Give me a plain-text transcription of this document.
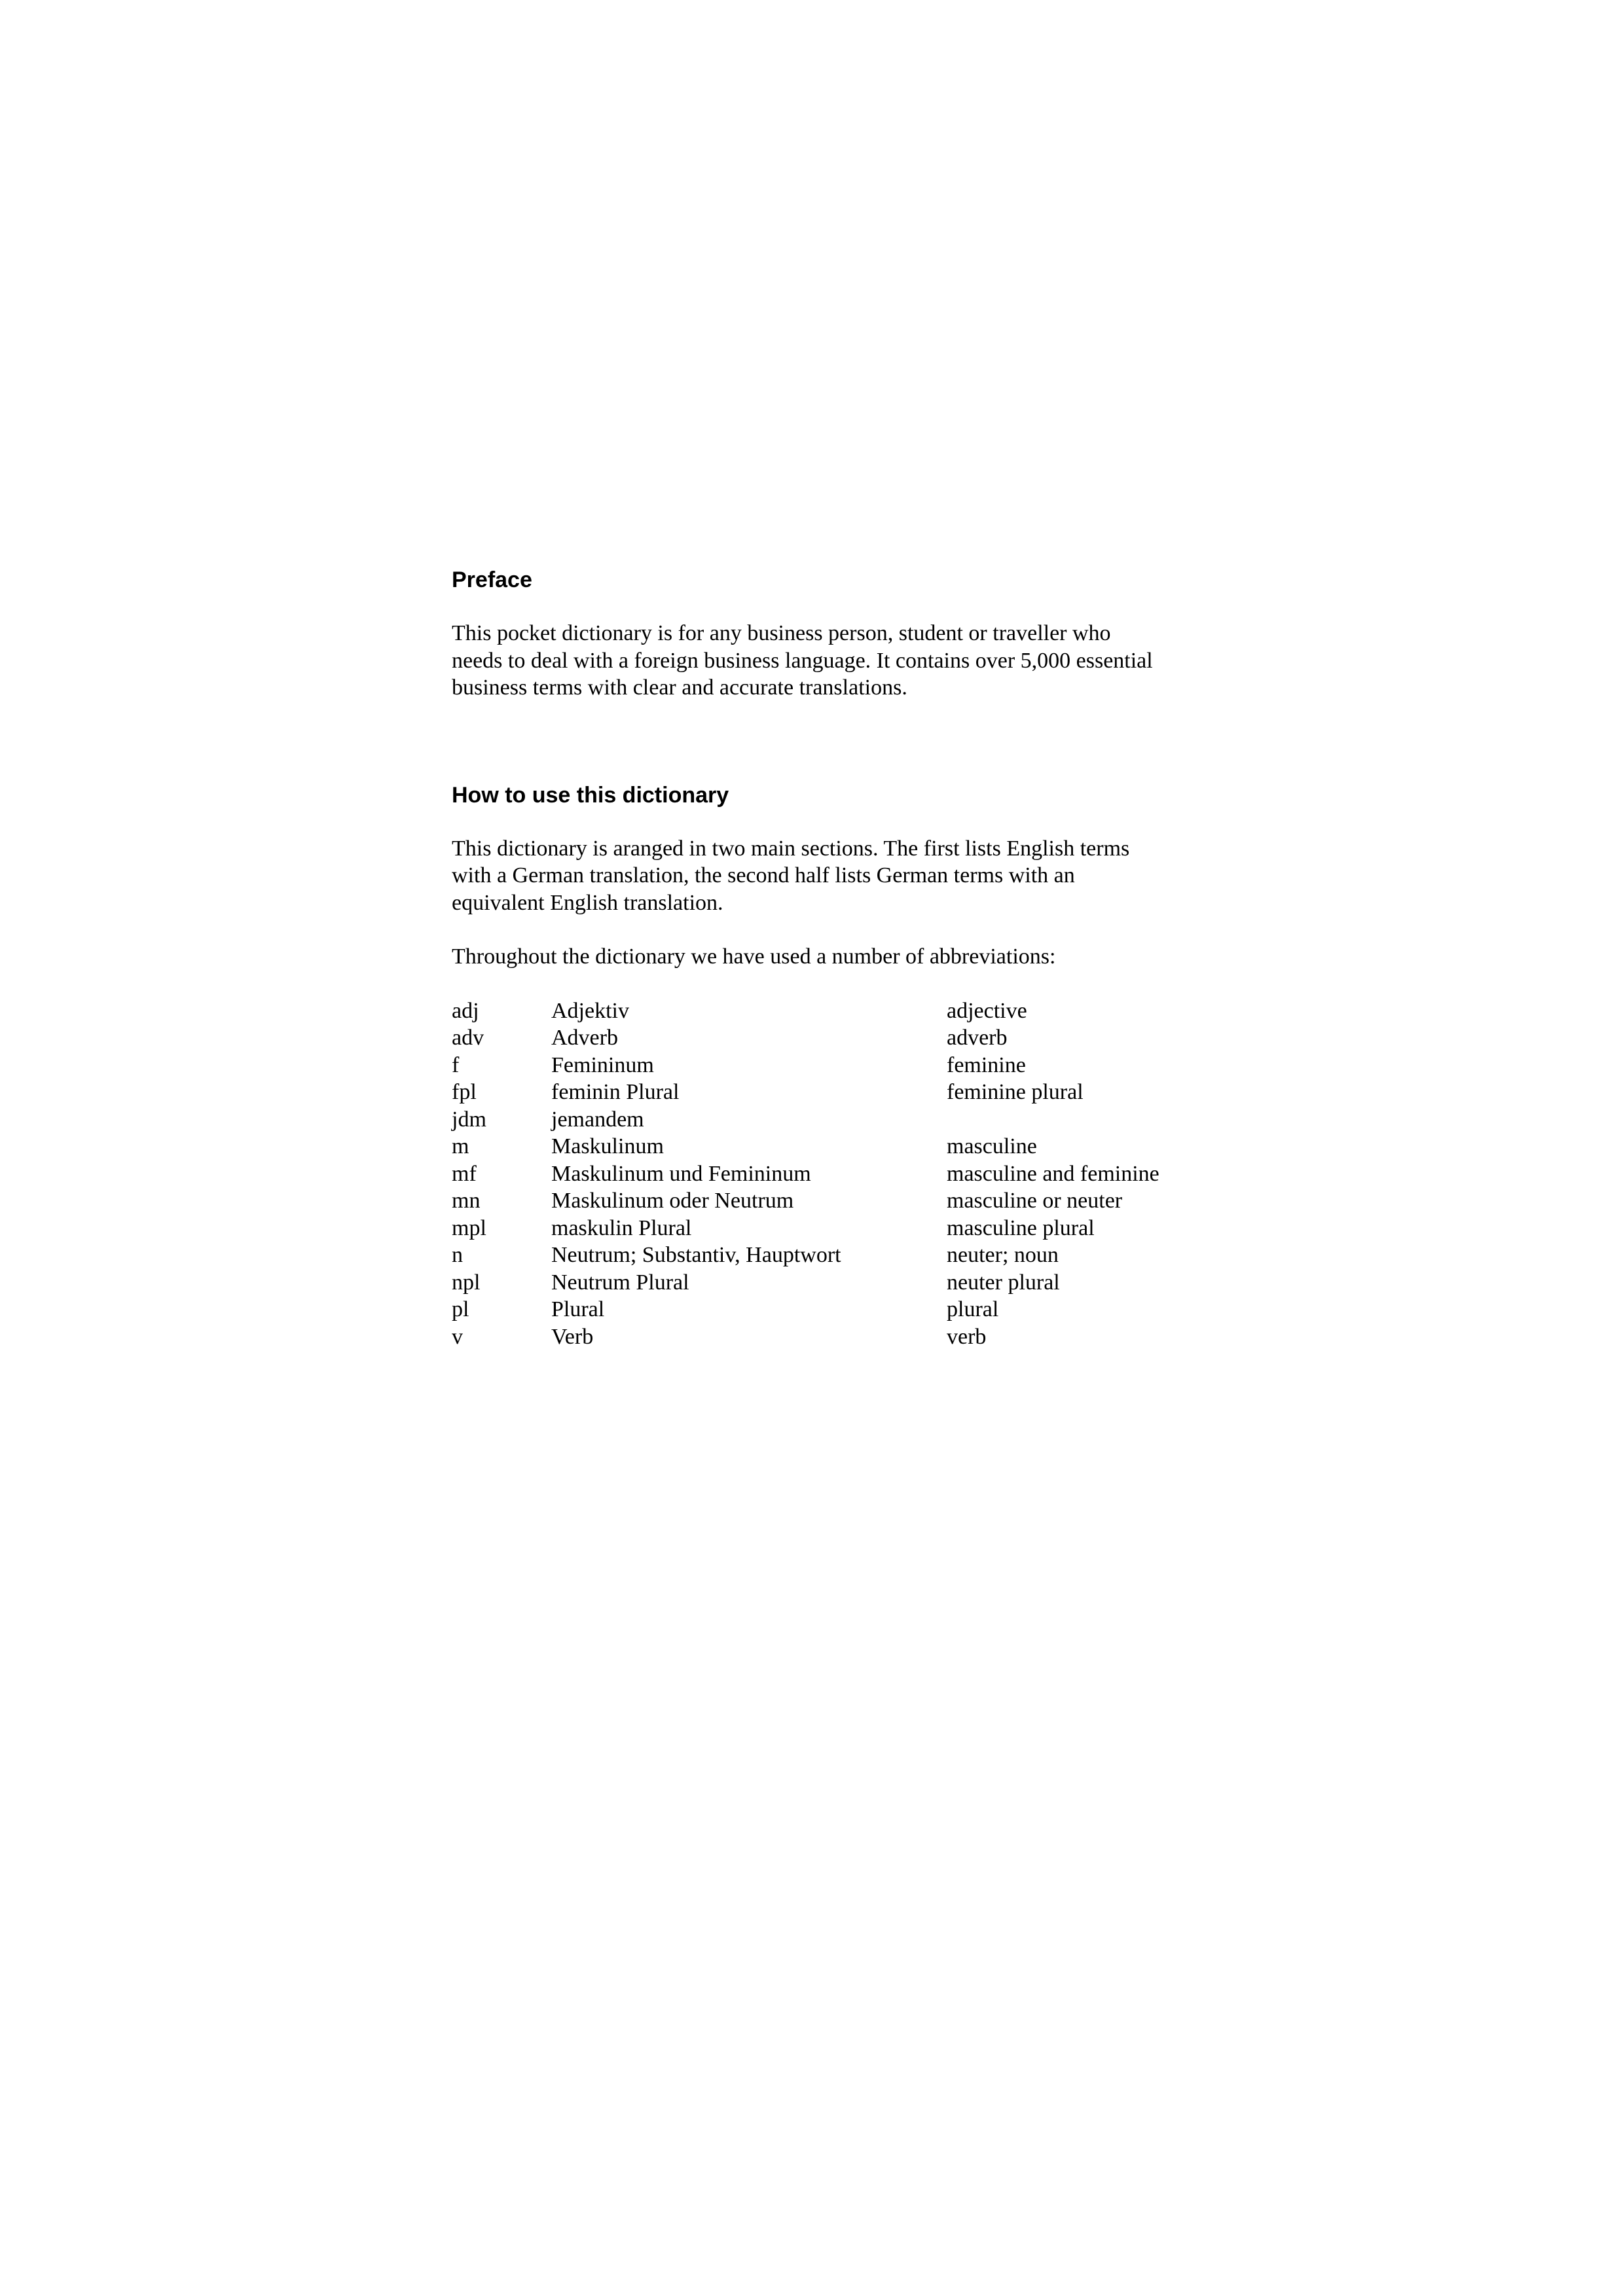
Preface

This pocket dictionary is for any business person, student or traveller who
needs to deal with a foreign business language. It contains over 5,000 essential
business terms with clear and accurate translations.

How to use this dictionary

This dictionary is aranged in two main sections. The first lists English terms
with a German translation, the second half lists German terms with an
equivalent English translation.

Throughout the dictionary we have used a number of abbreviations:

adj	Adjektiv	adjective
adv	Adverb	adverb
f	Femininum	feminine
fpl	feminin Plural	feminine plural
jdm	jemandem	
m	Maskulinum	masculine
mf	Maskulinum und Femininum	masculine and feminine
mn	Maskulinum oder Neutrum	masculine or neuter
mpl	maskulin Plural	masculine plural
n	Neutrum; Substantiv, Hauptwort	neuter; noun
npl	Neutrum Plural	neuter plural
pl	Plural	plural
v	Verb	verb
